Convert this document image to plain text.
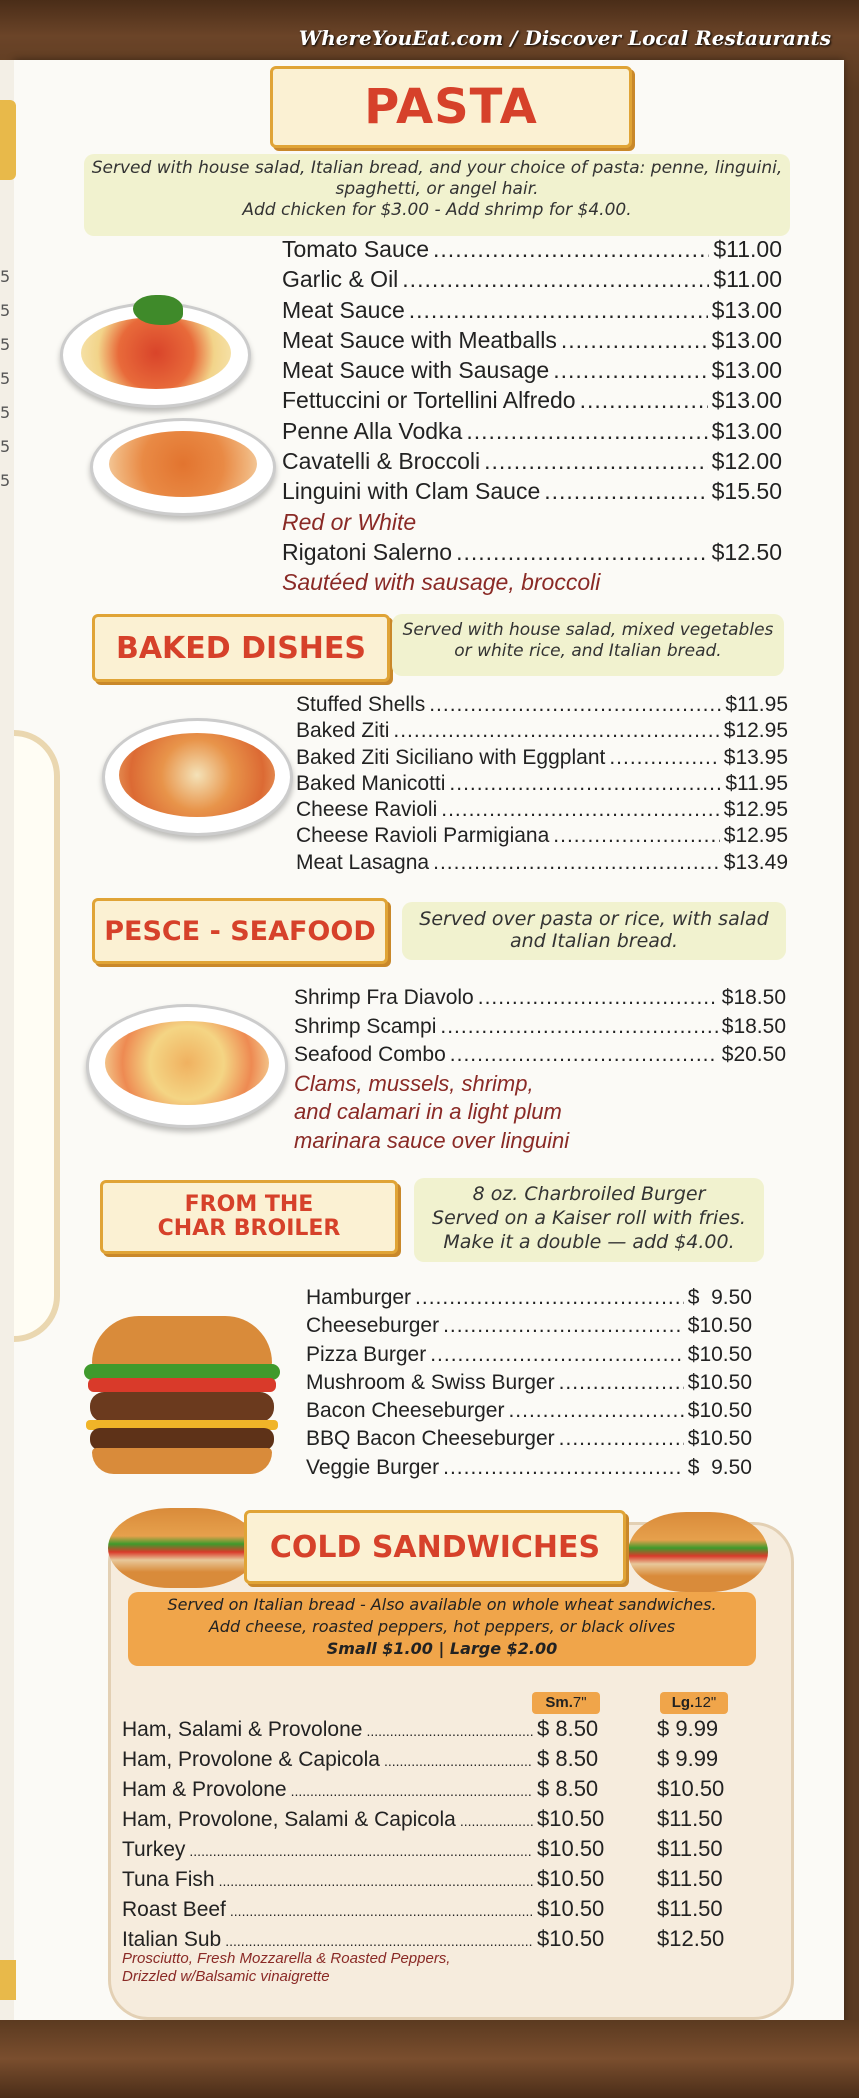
WhereYouEat.com / Discover Local Restaurants
5
5
5
5
5
5
5
PASTA
Served with house salad, Italian bread, and your choice of pasta: penne, linguini,
spaghetti, or angel hair.
Add chicken for $3.00 - Add shrimp for $4.00.
Tomato Sauce .....	$11.00
Garlic & Oil .....	$11.00
Meat Sauce .....	$13.00
Meat Sauce with Meatballs .....	$13.00
Meat Sauce with Sausage .....	$13.00
Fettuccini or Tortellini Alfredo .....	$13.00
Penne Alla Vodka .....	$13.00
Cavatelli & Broccoli .....	$12.00
Linguini with Clam Sauce .....	$15.50
Red or White
Rigatoni Salerno .....	$12.50
Sautéed with sausage, broccoli
BAKED DISHES
Served with house salad, mixed vegetables
or white rice, and Italian bread.
Stuffed Shells .....	$11.95
Baked Ziti .....	$12.95
Baked Ziti Siciliano with Eggplant .....	$13.95
Baked Manicotti .....	$11.95
Cheese Ravioli .....	$12.95
Cheese Ravioli Parmigiana .....	$12.95
Meat Lasagna .....	$13.49
PESCE - SEAFOOD	Served over pasta or rice, with salad
and Italian bread.
Shrimp Fra Diavolo .....	$18.50
Shrimp Scampi .....	$18.50
Seafood Combo .....	$20.50
Clams, mussels, shrimp,
and calamari in a light plum
marinara sauce over linguini
FROM THE
CHAR BROILER
8 oz. Charbroiled Burger
Served on a Kaiser roll with fries.
Make it a double — add $4.00.
Hamburger .....	$  9.50
Cheeseburger .....	$10.50
Pizza Burger .....	$10.50
Mushroom & Swiss Burger .....	$10.50
Bacon Cheeseburger .....	$10.50
BBQ Bacon Cheeseburger .....	$10.50
Veggie Burger .....	$  9.50
COLD SANDWICHES
Served on Italian bread - Also available on whole wheat sandwiches.
Add cheese, roasted peppers, hot peppers, or black olives
Small $1.00 | Large $2.00
Sm.7"	Lg.12"
Ham, Salami & Provolone .....	$ 8.50	$ 9.99
Ham, Provolone & Capicola .....	$ 8.50	$ 9.99
Ham & Provolone .....	$ 8.50	$10.50
Ham, Provolone, Salami & Capicola .....	$10.50	$11.50
Turkey .....	$10.50	$11.50
Tuna Fish .....	$10.50	$11.50
Roast Beef .....	$10.50	$11.50
Italian Sub .....	$10.50	$12.50
Prosciutto, Fresh Mozzarella & Roasted Peppers,
Drizzled w/Balsamic vinaigrette
